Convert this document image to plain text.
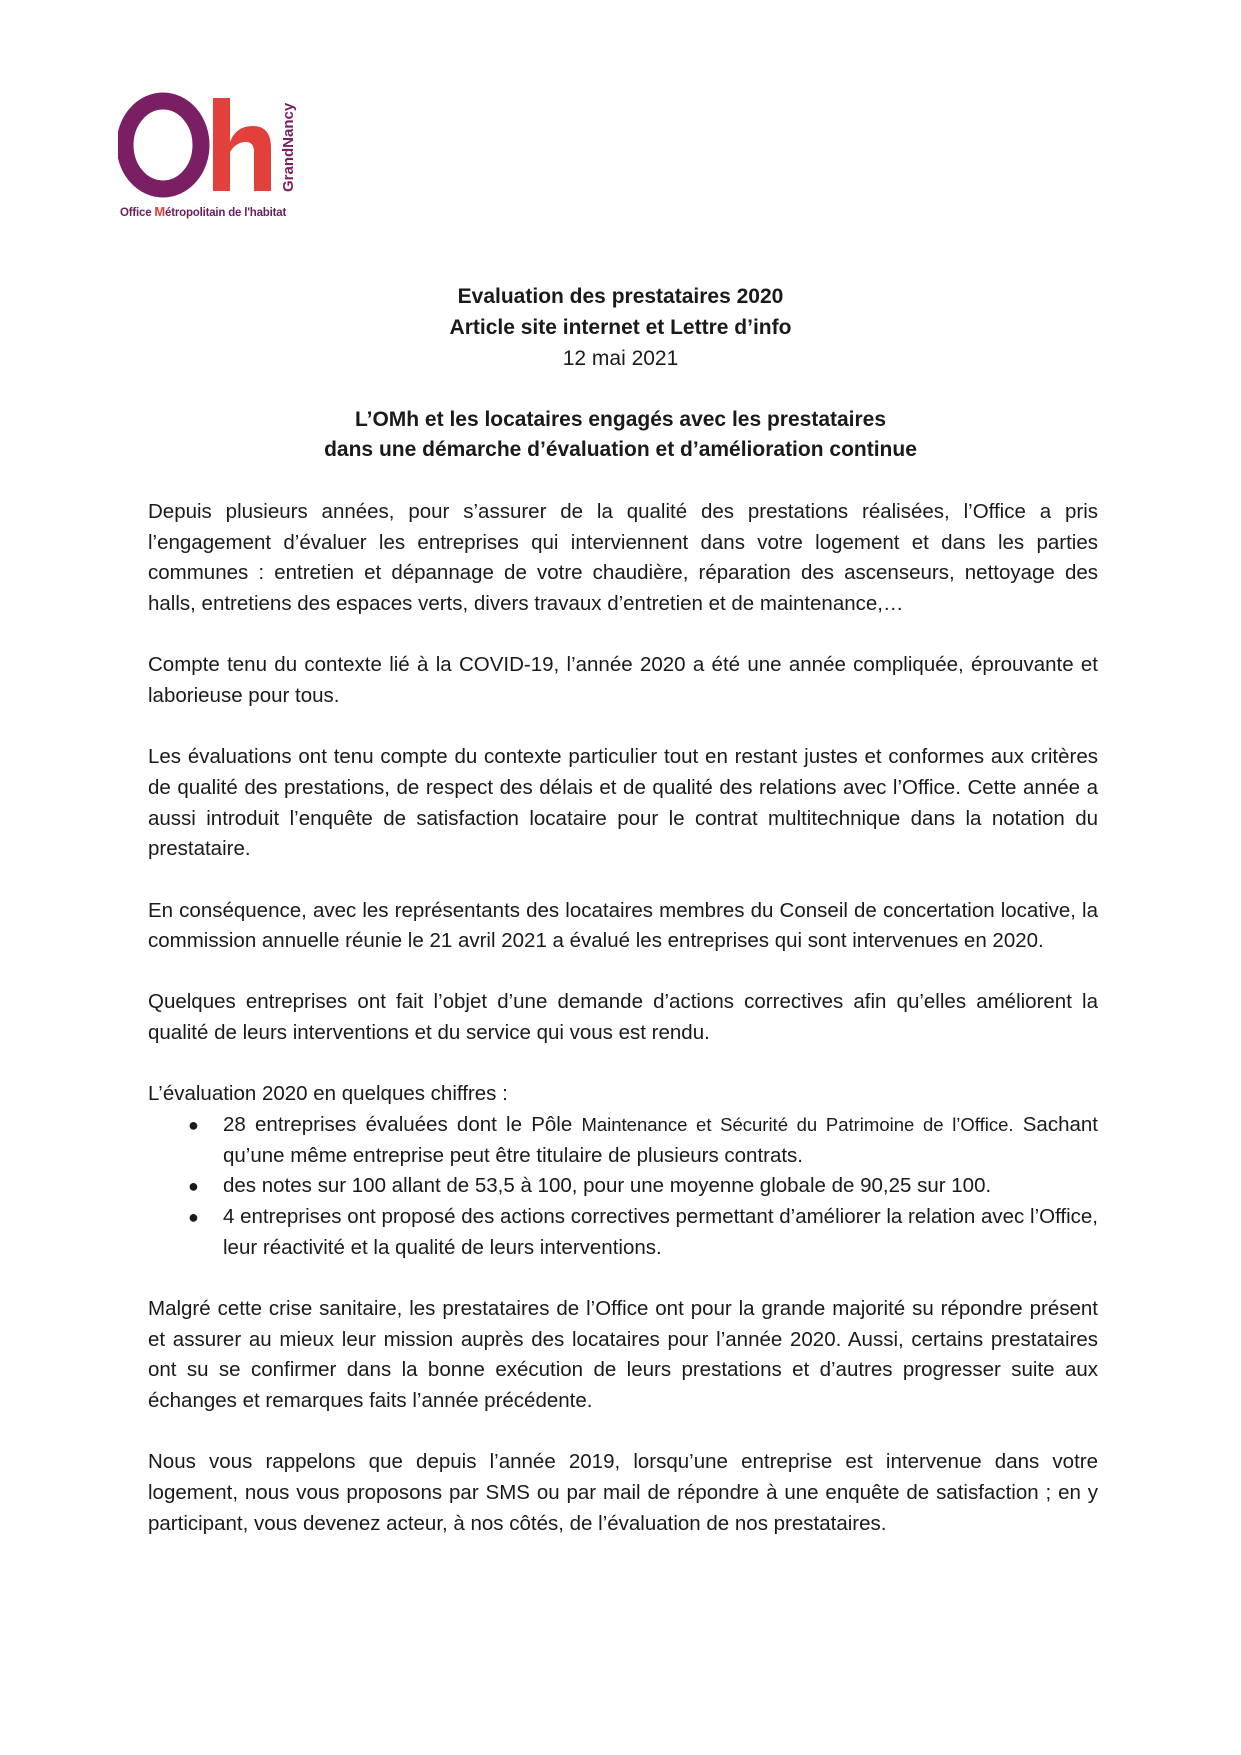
GrandNancy
Office Métropolitain de l'habitat
Evaluation des prestataires 2020
Article site internet et Lettre d’info
12 mai 2021
L’OMh et les locataires engagés avec les prestataires
dans une démarche d’évaluation et d’amélioration continue

Depuis plusieurs années, pour s’assurer de la qualité des prestations réalisées, l’Office a pris l’engagement d’évaluer les entreprises qui interviennent dans votre logement et dans les parties communes : entretien et dépannage de votre chaudière, réparation des ascenseurs, nettoyage des halls, entretiens des espaces verts, divers travaux d’entretien et de maintenance,…

Compte tenu du contexte lié à la COVID-19, l’année 2020 a été une année compliquée, éprouvante et laborieuse pour tous.

Les évaluations ont tenu compte du contexte particulier tout en restant justes et conformes aux critères de qualité des prestations, de respect des délais et de qualité des relations avec l’Office. Cette année a aussi introduit l’enquête de satisfaction locataire pour le contrat multitechnique dans la notation du prestataire.

En conséquence, avec les représentants des locataires membres du Conseil de concertation locative, la commission annuelle réunie le 21 avril 2021 a évalué les entreprises qui sont intervenues en 2020.

Quelques entreprises ont fait l’objet d’une demande d’actions correctives afin qu’elles améliorent la qualité de leurs interventions et du service qui vous est rendu.

L’évaluation 2020 en quelques chiffres :

● 28 entreprises évaluées dont le Pôle Maintenance et Sécurité du Patrimoine de l’Office. Sachant qu’une même entreprise peut être titulaire de plusieurs contrats.
● des notes sur 100 allant de 53,5 à 100, pour une moyenne globale de 90,25 sur 100.
● 4 entreprises ont proposé des actions correctives permettant d’améliorer la relation avec l’Office, leur réactivité et la qualité de leurs interventions.

Malgré cette crise sanitaire, les prestataires de l’Office ont pour la grande majorité su répondre présent et assurer au mieux leur mission auprès des locataires pour l’année 2020. Aussi, certains prestataires ont su se confirmer dans la bonne exécution de leurs prestations et d’autres progresser suite aux échanges et remarques faits l’année précédente.

Nous vous rappelons que depuis l’année 2019, lorsqu’une entreprise est intervenue dans votre logement, nous vous proposons par SMS ou par mail de répondre à une enquête de satisfaction ; en y participant, vous devenez acteur, à nos côtés, de l’évaluation de nos prestataires.
